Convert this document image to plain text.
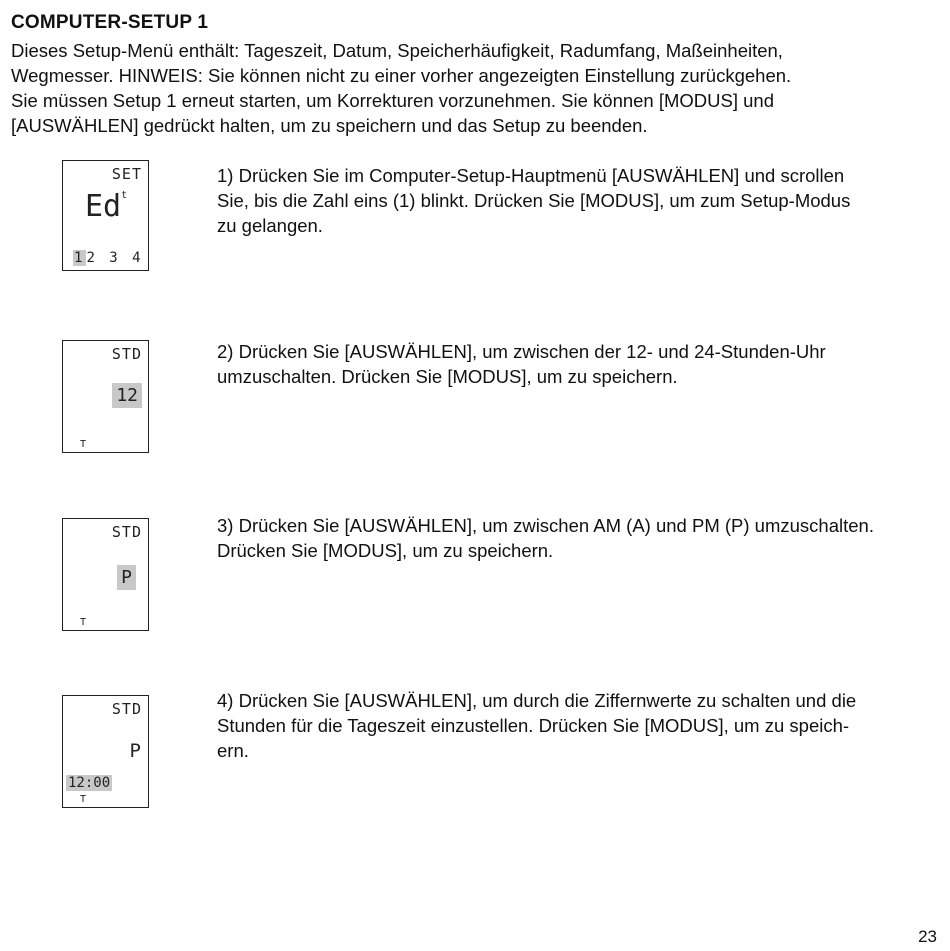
COMPUTER-SETUP 1
Dieses Setup-Menü enthält: Tageszeit, Datum, Speicherhäufigkeit, Radumfang, Maßeinheiten,
Wegmesser. HINWEIS: Sie können nicht zu einer vorher angezeigten Einstellung zurückgehen.
Sie müssen Setup 1 erneut starten, um Korrekturen vorzunehmen. Sie können [MODUS] und
[AUSWÄHLEN] gedrückt halten, um zu speichern und das Setup zu beenden.
SET
Ed$^t$
12 3 4
1) Drücken Sie im Computer-Setup-Hauptmenü [AUSWÄHLEN] und scrollen
Sie, bis die Zahl eins (1) blinkt. Drücken Sie [MODUS], um zum Setup-Modus
zu gelangen.
STD
12
T
2) Drücken Sie [AUSWÄHLEN], um zwischen der 12- und 24-Stunden-Uhr
umzuschalten. Drücken Sie [MODUS], um zu speichern.
STD
P
T
3) Drücken Sie [AUSWÄHLEN], um zwischen AM (A) und PM (P) umzuschalten.
Drücken Sie [MODUS], um zu speichern.
STD
P
12:00
T
4) Drücken Sie [AUSWÄHLEN], um durch die Ziffernwerte zu schalten und die
Stunden für die Tageszeit einzustellen. Drücken Sie [MODUS], um zu speich-
ern.
23
